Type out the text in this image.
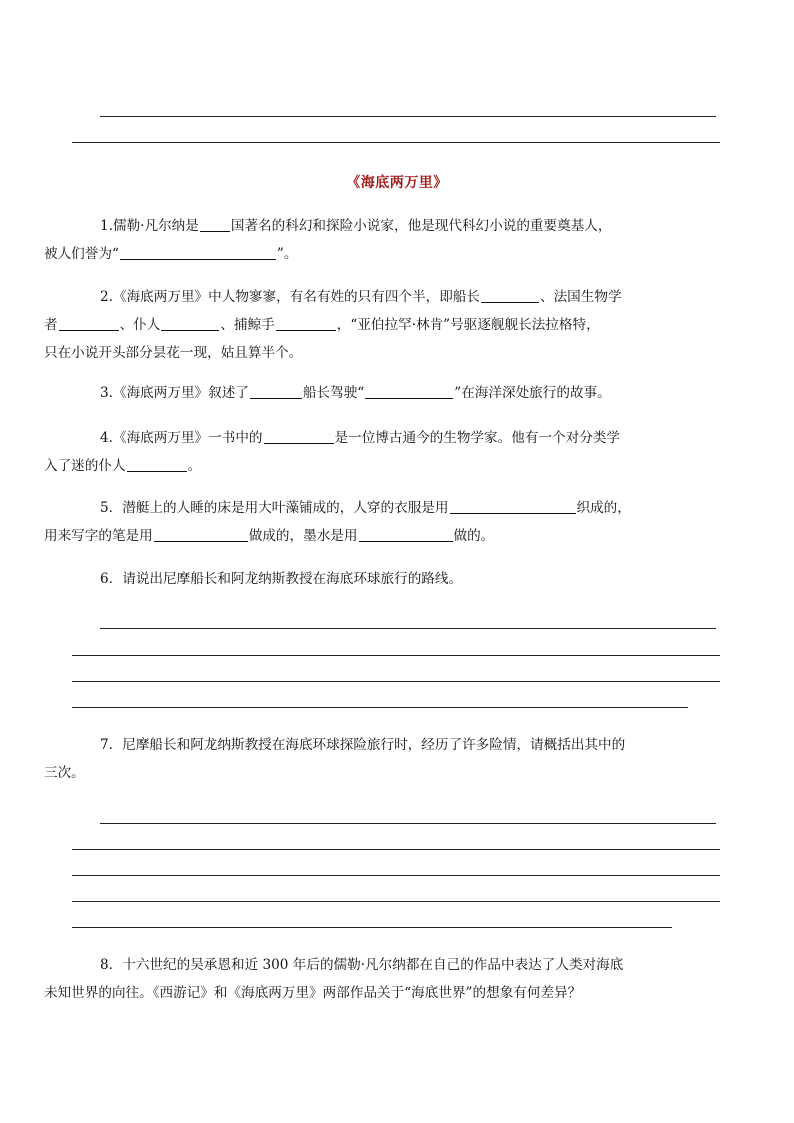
《海底两万里》
1.儒勒·凡尔纳是 国著名的科幻和探险小说家，他是现代科幻小说的重要奠基人，
被人们誉为“	”。
2.《海底两万里》中人物寥寥，有名有姓的只有四个半，即船长	、法国生物学
者	、仆人	、捕鲸手	，“亚伯拉罕·林肯”号驱逐舰舰长法拉格特，
只在小说开头部分昙花一现，姑且算半个。
3.《海底两万里》叙述了	船长驾驶“	”在海洋深处旅行的故事。
4.《海底两万里》一书中的	是一位博古通今的生物学家。他有一个对分类学
入了迷的仆人	。
5．潜艇上的人睡的床是用大叶藻铺成的，人穿的衣服是用	织成的，
用来写字的笔是用	做成的，墨水是用	做的。
6．请说出尼摩船长和阿龙纳斯教授在海底环球旅行的路线。
7．尼摩船长和阿龙纳斯教授在海底环球探险旅行时，经历了许多险情，请概括出其中的
三次。
8．十六世纪的吴承恩和近 300 年后的儒勒·凡尔纳都在自己的作品中表达了人类对海底
未知世界的向往。《西游记》和《海底两万里》两部作品关于“海底世界”的想象有何差异？
